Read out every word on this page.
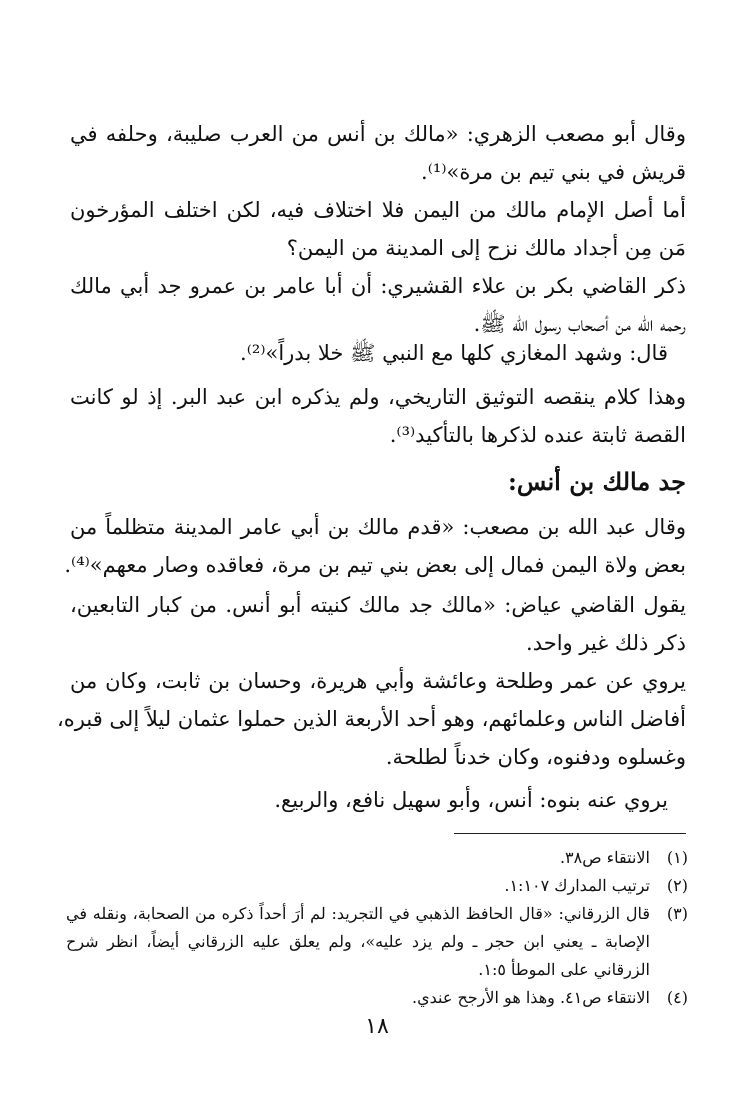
وقال أبو مصعب الزهري: «مالك بن أنس من العرب صليبة، وحلفه في
قريش في بني تيم بن مرة»⁽¹⁾.
أما أصل الإمام مالك من اليمن فلا اختلاف فيه، لكن اختلف المؤرخون
مَن مِن أجداد مالك نزح إلى المدينة من اليمن؟
ذكر القاضي بكر بن علاء القشيري: أن أبا عامر بن عمرو جد أبي مالك
رحمه الله من أصحاب رسول الله ﷺ.
قال: وشهد المغازي كلها مع النبي ﷺ خلا بدراً»⁽²⁾.
وهذا كلام ينقصه التوثيق التاريخي، ولم يذكره ابن عبد البر. إذ لو كانت
القصة ثابتة عنده لذكرها بالتأكيد⁽³⁾.
جد مالك بن أنس:
وقال عبد الله بن مصعب: «قدم مالك بن أبي عامر المدينة متظلماً من
بعض ولاة اليمن فمال إلى بعض بني تيم بن مرة، فعاقده وصار معهم»⁽⁴⁾.
يقول القاضي عياض: «مالك جد مالك كنيته أبو أنس. من كبار التابعين،
ذكر ذلك غير واحد.
يروي عن عمر وطلحة وعائشة وأبي هريرة، وحسان بن ثابت، وكان من
أفاضل الناس وعلمائهم، وهو أحد الأربعة الذين حملوا عثمان ليلاً إلى قبره،
وغسلوه ودفنوه، وكان خدناً لطلحة.
يروي عنه بنوه: أنس، وأبو سهيل نافع، والربيع.
(١)
الانتقاء ص٣٨.
(٢)
ترتيب المدارك ١:١٠٧.
(٣)
قال الزرقاني: «قال الحافظ الذهبي في التجريد: لم أرَ أحداً ذكره من الصحابة، ونقله في
الإصابة ـ يعني ابن حجر ـ ولم يزد عليه»، ولم يعلق عليه الزرقاني أيضاً، انظر شرح
الزرقاني على الموطأ ١:٥.
(٤)
الانتقاء ص٤١. وهذا هو الأرجح عندي.
١٨
